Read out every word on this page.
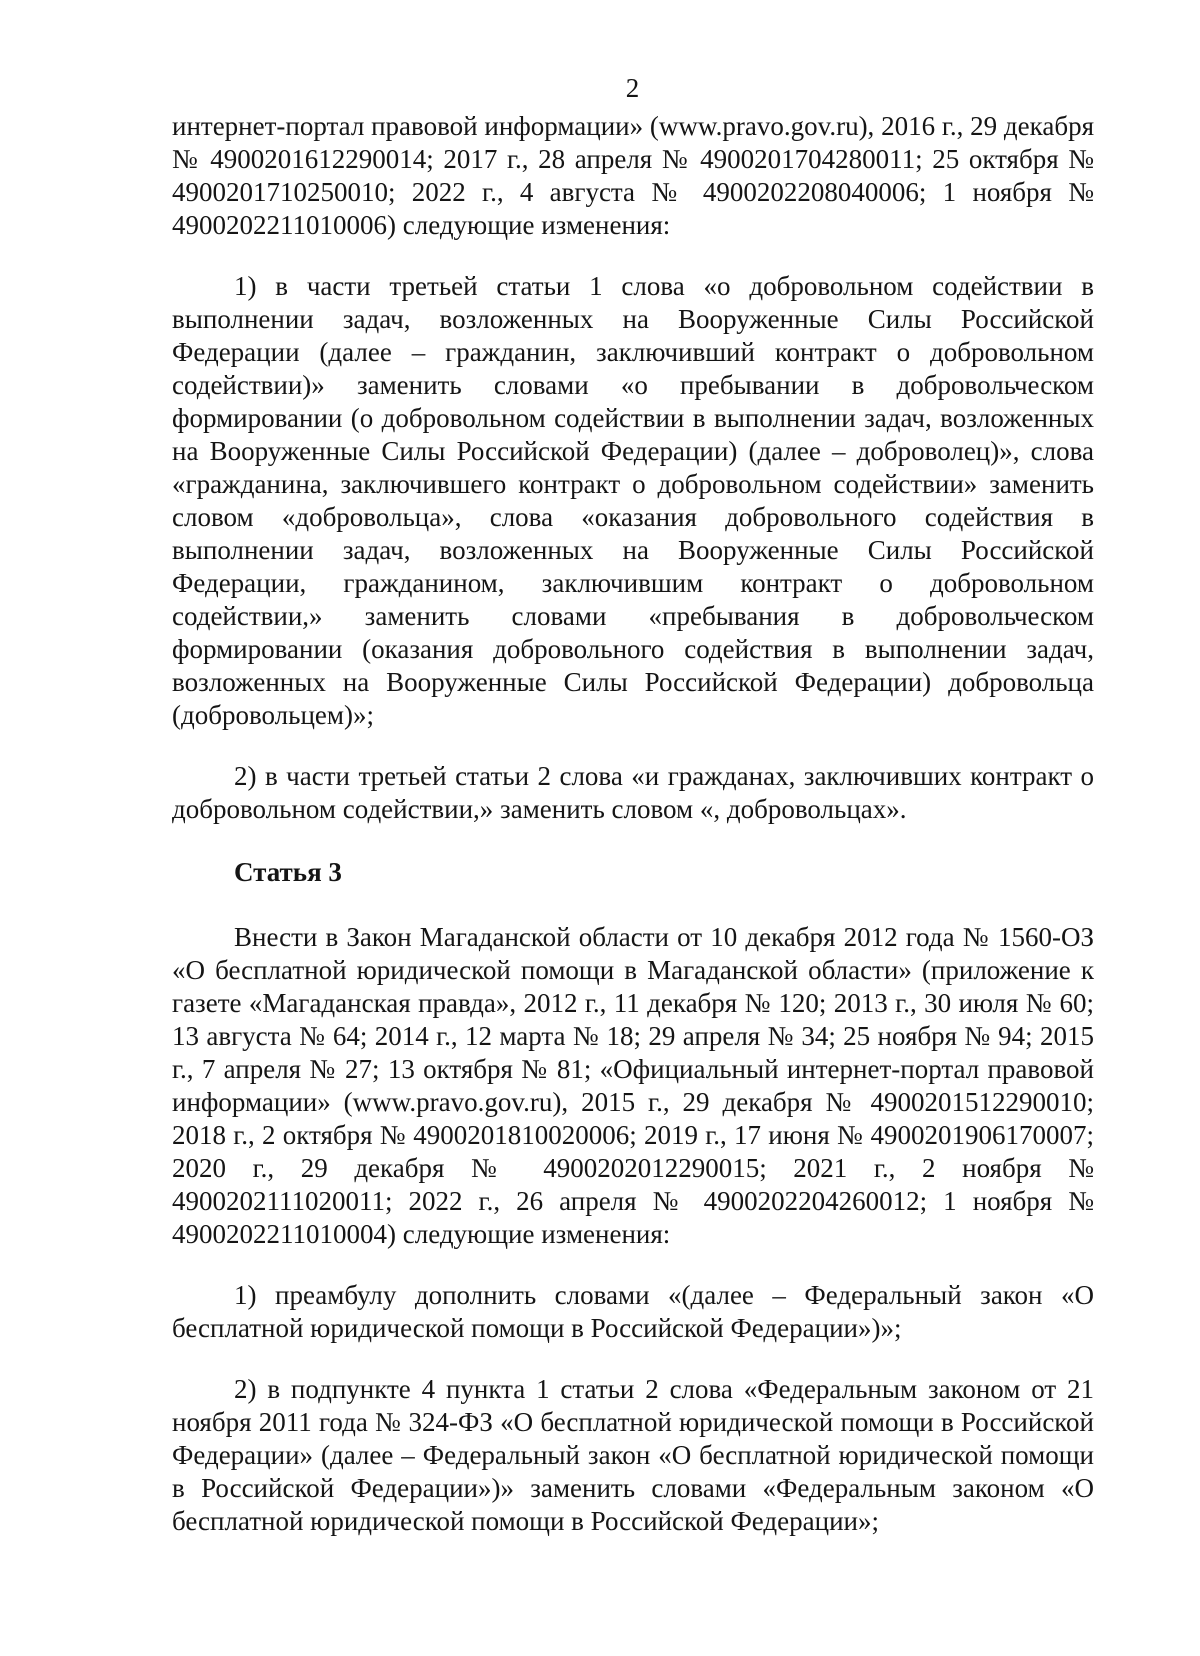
2

интернет-портал правовой информации» (www.pravo.gov.ru), 2016 г., 29 декабря № 4900201612290014; 2017 г., 28 апреля № 4900201704280011; 25 октября № 4900201710250010; 2022 г., 4 августа № 4900202208040006; 1 ноября № 4900202211010006) следующие изменения:

1) в части третьей статьи 1 слова «о добровольном содействии в выполнении задач, возложенных на Вооруженные Силы Российской Федерации (далее – гражданин, заключивший контракт о добровольном содействии)» заменить словами «о пребывании в добровольческом формировании (о добровольном содействии в выполнении задач, возложенных на Вооруженные Силы Российской Федерации) (далее – доброволец)», слова «гражданина, заключившего контракт о добровольном содействии» заменить словом «добровольца», слова «оказания добровольного содействия в выполнении задач, возложенных на Вооруженные Силы Российской Федерации, гражданином, заключившим контракт о добровольном содействии,» заменить словами «пребывания в добровольческом формировании (оказания добровольного содействия в выполнении задач, возложенных на Вооруженные Силы Российской Федерации) добровольца (добровольцем)»;

2) в части третьей статьи 2 слова «и гражданах, заключивших контракт о добровольном содействии,» заменить словом «, добровольцах».

Статья 3

Внести в Закон Магаданской области от 10 декабря 2012 года № 1560-ОЗ «О бесплатной юридической помощи в Магаданской области» (приложение к газете «Магаданская правда», 2012 г., 11 декабря № 120; 2013 г., 30 июля № 60; 13 августа № 64; 2014 г., 12 марта № 18; 29 апреля № 34; 25 ноября № 94; 2015 г., 7 апреля № 27; 13 октября № 81; «Официальный интернет-портал правовой информации» (www.pravo.gov.ru), 2015 г., 29 декабря № 4900201512290010; 2018 г., 2 октября № 4900201810020006; 2019 г., 17 июня № 4900201906170007; 2020 г., 29 декабря № 4900202012290015; 2021 г., 2 ноября № 4900202111020011; 2022 г., 26 апреля № 4900202204260012; 1 ноября № 4900202211010004) следующие изменения:

1) преамбулу дополнить словами «(далее – Федеральный закон «О бесплатной юридической помощи в Российской Федерации»)»;

2) в подпункте 4 пункта 1 статьи 2 слова «Федеральным законом от 21 ноября 2011 года № 324-ФЗ «О бесплатной юридической помощи в Российской Федерации» (далее – Федеральный закон «О бесплатной юридической помощи в Российской Федерации»)» заменить словами «Федеральным законом «О бесплатной юридической помощи в Российской Федерации»;
